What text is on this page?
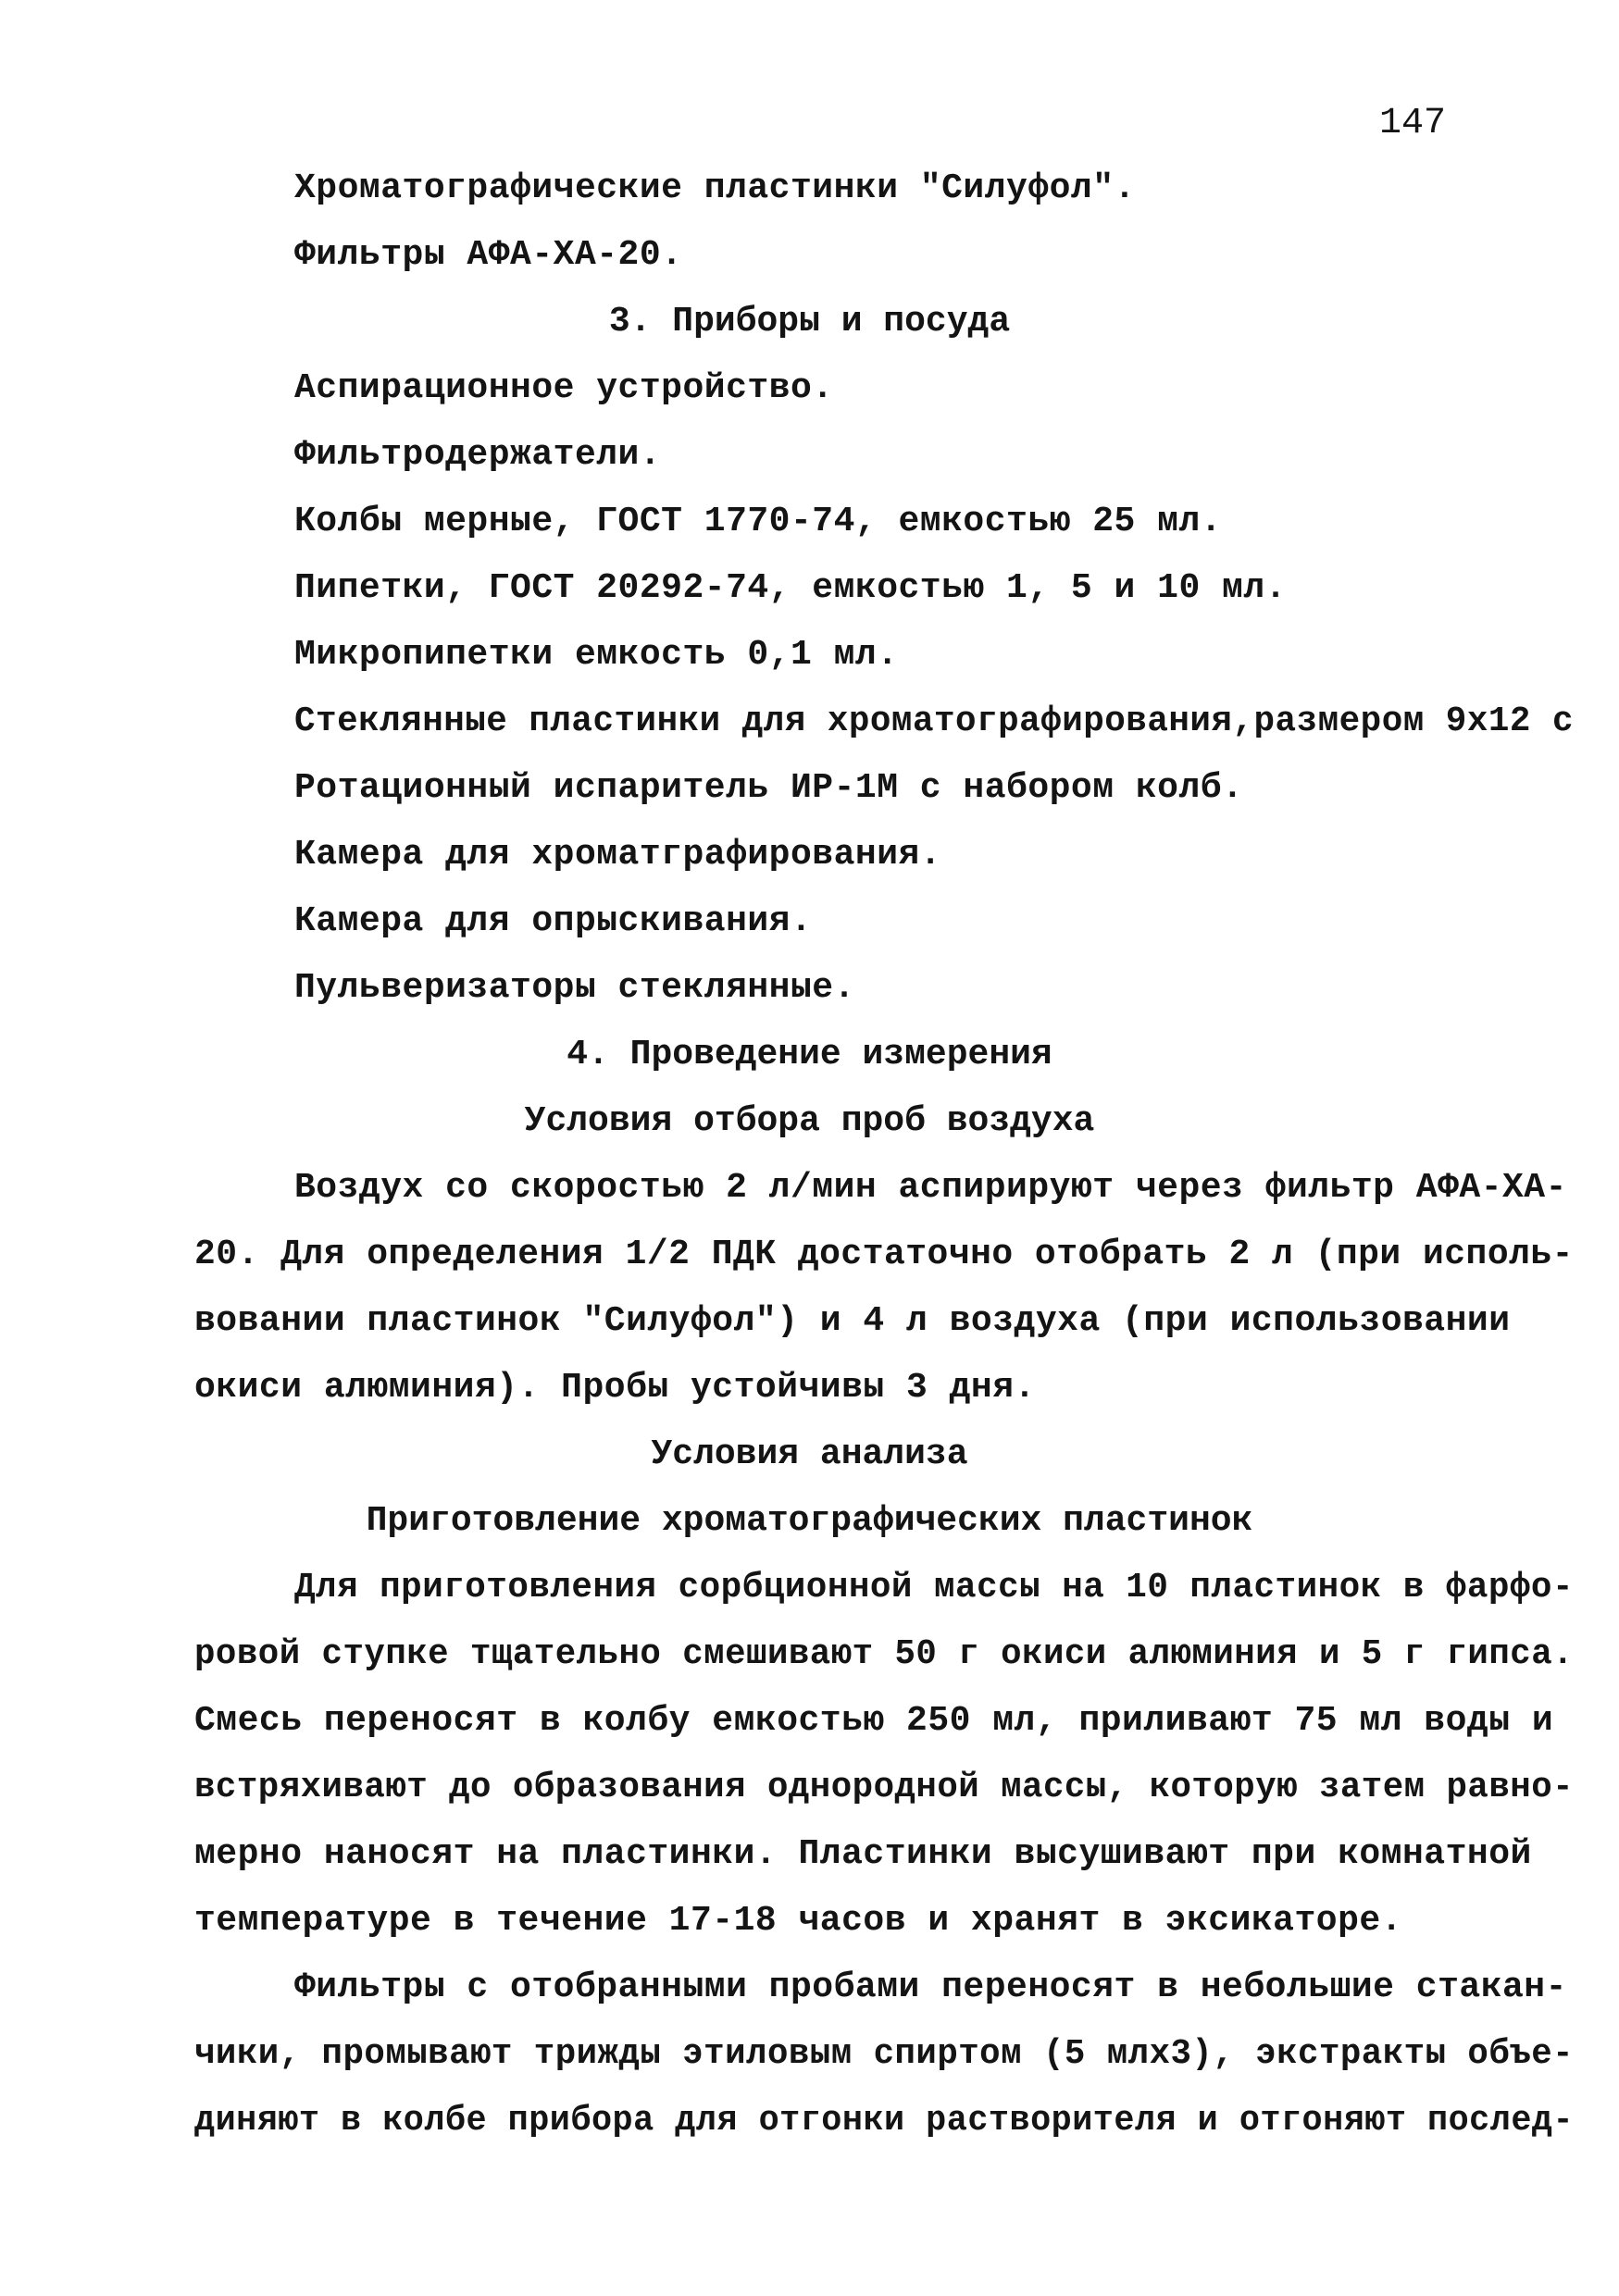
147
Хроматографические пластинки "Силуфол".
Фильтры АФА-ХА-20.
3. Приборы и посуда
Аспирационное устройство.
Фильтродержатели.
Колбы мерные, ГОСТ 1770-74, емкостью 25 мл.
Пипетки, ГОСТ 20292-74, емкостью 1, 5 и 10 мл.
Микропипетки емкость 0,1 мл.
Стеклянные пластинки для хроматографирования,размером 9х12 с
Ротационный испаритель ИР-1М с набором колб.
Камера для хроматграфирования.
Камера для опрыскивания.
Пульверизаторы стеклянные.
4. Проведение измерения
Условия отбора проб воздуха
Воздух со скоростью 2 л/мин аспирируют через фильтр АФА-ХА-
20. Для определения 1/2 ПДК достаточно отобрать 2 л (при исполь-
вовании пластинок "Силуфол") и 4 л воздуха (при использовании
окиси алюминия). Пробы устойчивы 3 дня.
Условия анализа
Приготовление хроматографических пластинок
Для приготовления сорбционной массы на 10 пластинок в фарфо-
ровой ступке тщательно смешивают 50 г окиси алюминия и 5 г гипса.
Смесь переносят в колбу емкостью 250 мл, приливают 75 мл воды и
встряхивают до образования однородной массы, которую затем равно-
мерно наносят на пластинки. Пластинки высушивают при комнатной
температуре в течение 17-18 часов и хранят в эксикаторе.
Фильтры с отобранными пробами переносят в небольшие стакан-
чики, промывают трижды этиловым спиртом (5 млх3), экстракты объе-
диняют в колбе прибора для отгонки растворителя и отгоняют послед-
